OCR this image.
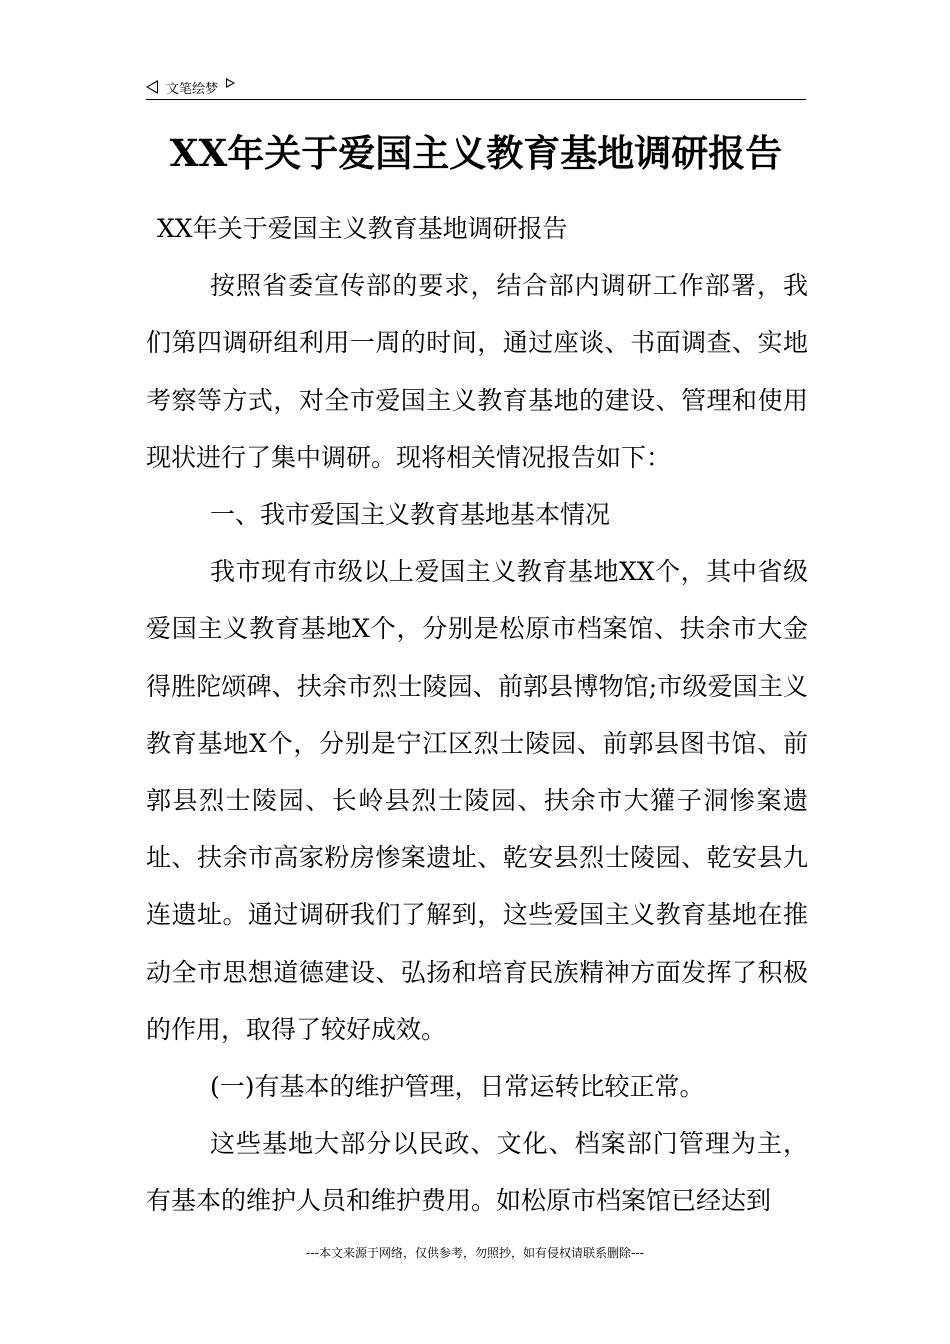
文笔绘梦
XX年关于爱国主义教育基地调研报告

XX年关于爱国主义教育基地调研报告

按照省委宣传部的要求，结合部内调研工作部署，我们第四调研组利用一周的时间，通过座谈、书面调查、实地考察等方式，对全市爱国主义教育基地的建设、管理和使用现状进行了集中调研。现将相关情况报告如下：

一、我市爱国主义教育基地基本情况

我市现有市级以上爱国主义教育基地XX个，其中省级爱国主义教育基地X个，分别是松原市档案馆、扶余市大金得胜陀颂碑、扶余市烈士陵园、前郭县博物馆;市级爱国主义教育基地X个，分别是宁江区烈士陵园、前郭县图书馆、前郭县烈士陵园、长岭县烈士陵园、扶余市大獾子洞惨案遗址、扶余市高家粉房惨案遗址、乾安县烈士陵园、乾安县九连遗址。通过调研我们了解到，这些爱国主义教育基地在推动全市思想道德建设、弘扬和培育民族精神方面发挥了积极的作用，取得了较好成效。

(一)有基本的维护管理，日常运转比较正常。

这些基地大部分以民政、文化、档案部门管理为主，有基本的维护人员和维护费用。如松原市档案馆已经达到

---本文来源于网络，仅供参考，勿照抄，如有侵权请联系删除---
